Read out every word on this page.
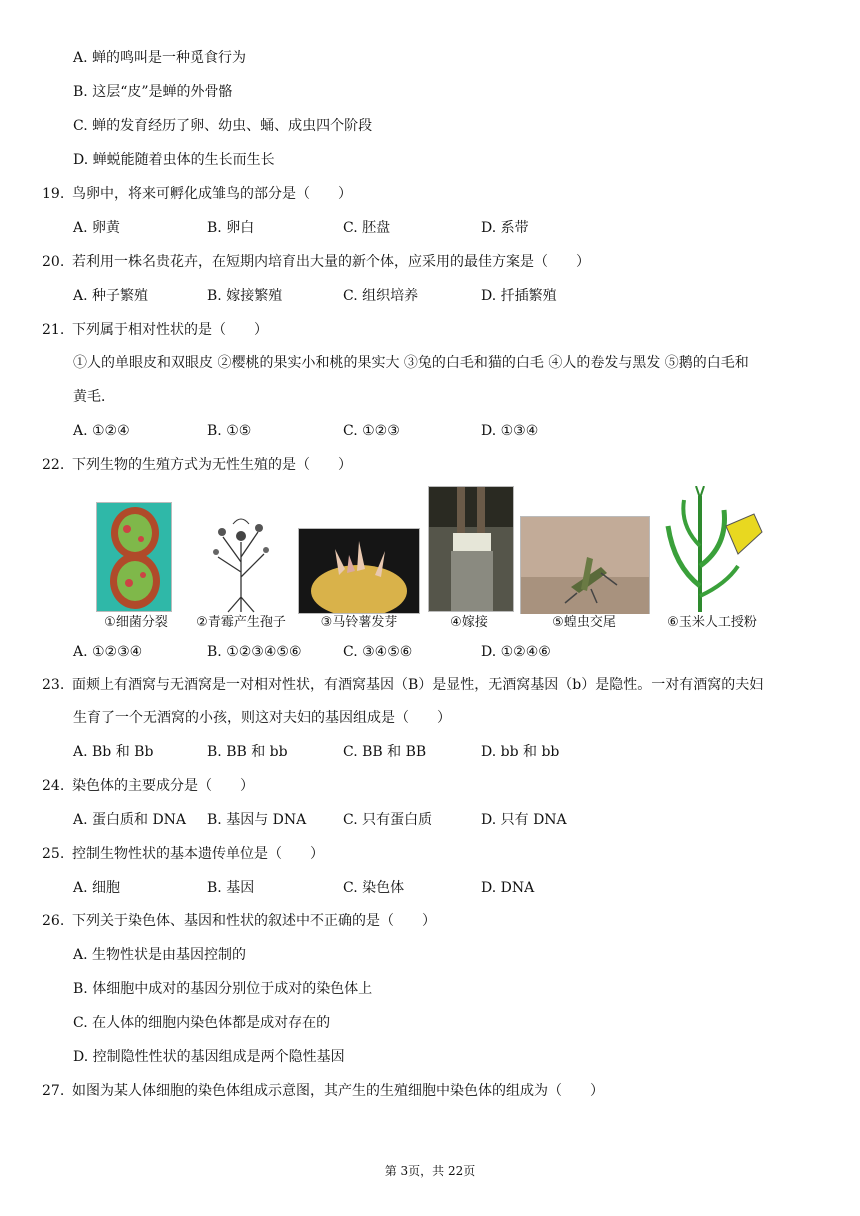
A. 蝉的鸣叫是一种觅食行为
B. 这层“皮”是蝉的外骨骼
C. 蝉的发育经历了卵、幼虫、蛹、成虫四个阶段
D. 蝉蜕能随着虫体的生长而生长
19. 鸟卵中，将来可孵化成雏鸟的部分是（　　）
A. 卵黄	B. 卵白	C. 胚盘	D. 系带
20. 若利用一株名贵花卉，在短期内培育出大量的新个体，应采用的最佳方案是（　　）
A. 种子繁殖	B. 嫁接繁殖	C. 组织培养	D. 扦插繁殖
21. 下列属于相对性状的是（　　）
①人的单眼皮和双眼皮 ②樱桃的果实小和桃的果实大 ③兔的白毛和猫的白毛 ④人的卷发与黑发 ⑤鹅的白毛和
黄毛．
A. ①②④	B. ①⑤	C. ①②③	D. ①③④
22. 下列生物的生殖方式为无性生殖的是（　　）
①细菌分裂	②青霉产生孢子	③马铃薯发芽	④嫁接	⑤蝗虫交尾	⑥玉米人工授粉
A. ①②③④	B. ①②③④⑤⑥	C. ③④⑤⑥	D. ①②④⑥
23. 面颊上有酒窝与无酒窝是一对相对性状，有酒窝基因（B）是显性，无酒窝基因（b）是隐性。一对有酒窝的夫妇
生育了一个无酒窝的小孩，则这对夫妇的基因组成是（　　）
A. Bb 和 Bb	B. BB 和 bb	C. BB 和 BB	D. bb 和 bb
24. 染色体的主要成分是（　　）
A. 蛋白质和 DNA B. 基因与 DNA	C. 只有蛋白质	D. 只有 DNA
25. 控制生物性状的基本遗传单位是（　　）
A. 细胞	B. 基因	C. 染色体	D. DNA
26. 下列关于染色体、基因和性状的叙述中不正确的是（　　）
A. 生物性状是由基因控制的
B. 体细胞中成对的基因分别位于成对的染色体上
C. 在人体的细胞内染色体都是成对存在的
D. 控制隐性性状的基因组成是两个隐性基因
27. 如图为某人体细胞的染色体组成示意图，其产生的生殖细胞中染色体的组成为（　　）
第 3页，共 22页
